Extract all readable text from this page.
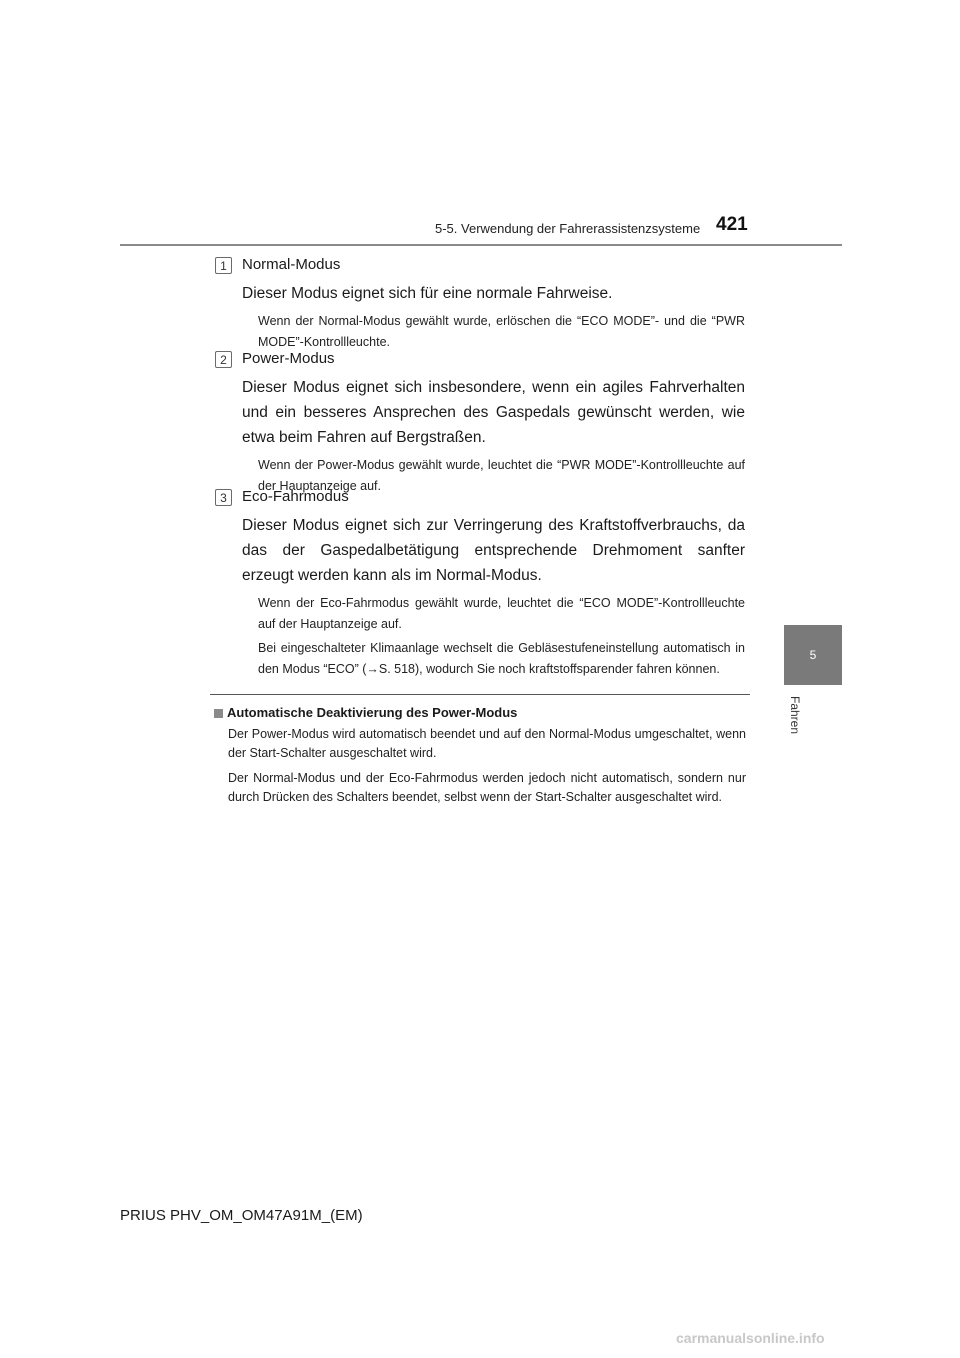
5-5. Verwendung der Fahrerassistenzsysteme 421
5
Fahren
1	Normal-Modus
Dieser Modus eignet sich für eine normale Fahrweise.
Wenn der Normal-Modus gewählt wurde, erlöschen die “ECO MODE”- und die “PWR MODE”-Kontrollleuchte.
2	Power-Modus
Dieser Modus eignet sich insbesondere, wenn ein agiles Fahrverhalten und ein besseres Ansprechen des Gaspedals gewünscht werden, wie etwa beim Fahren auf Bergstraßen.
Wenn der Power-Modus gewählt wurde, leuchtet die “PWR MODE”-Kontrollleuchte auf der Hauptanzeige auf.
3	Eco-Fahrmodus
Dieser Modus eignet sich zur Verringerung des Kraftstoffverbrauchs, da das der Gaspedalbetätigung entsprechende Drehmoment sanfter erzeugt werden kann als im Normal-Modus.
Wenn der Eco-Fahrmodus gewählt wurde, leuchtet die “ECO MODE”-Kontrollleuchte auf der Hauptanzeige auf.
Bei eingeschalteter Klimaanlage wechselt die Gebläsestufeneinstellung automatisch in den Modus “ECO” (→S. 518), wodurch Sie noch kraftstoffsparender fahren können.
Automatische Deaktivierung des Power-Modus
Der Power-Modus wird automatisch beendet und auf den Normal-Modus umgeschaltet, wenn der Start-Schalter ausgeschaltet wird.
Der Normal-Modus und der Eco-Fahrmodus werden jedoch nicht automatisch, sondern nur durch Drücken des Schalters beendet, selbst wenn der Start-Schalter ausgeschaltet wird.
PRIUS PHV_OM_OM47A91M_(EM)
carmanualsonline.info
